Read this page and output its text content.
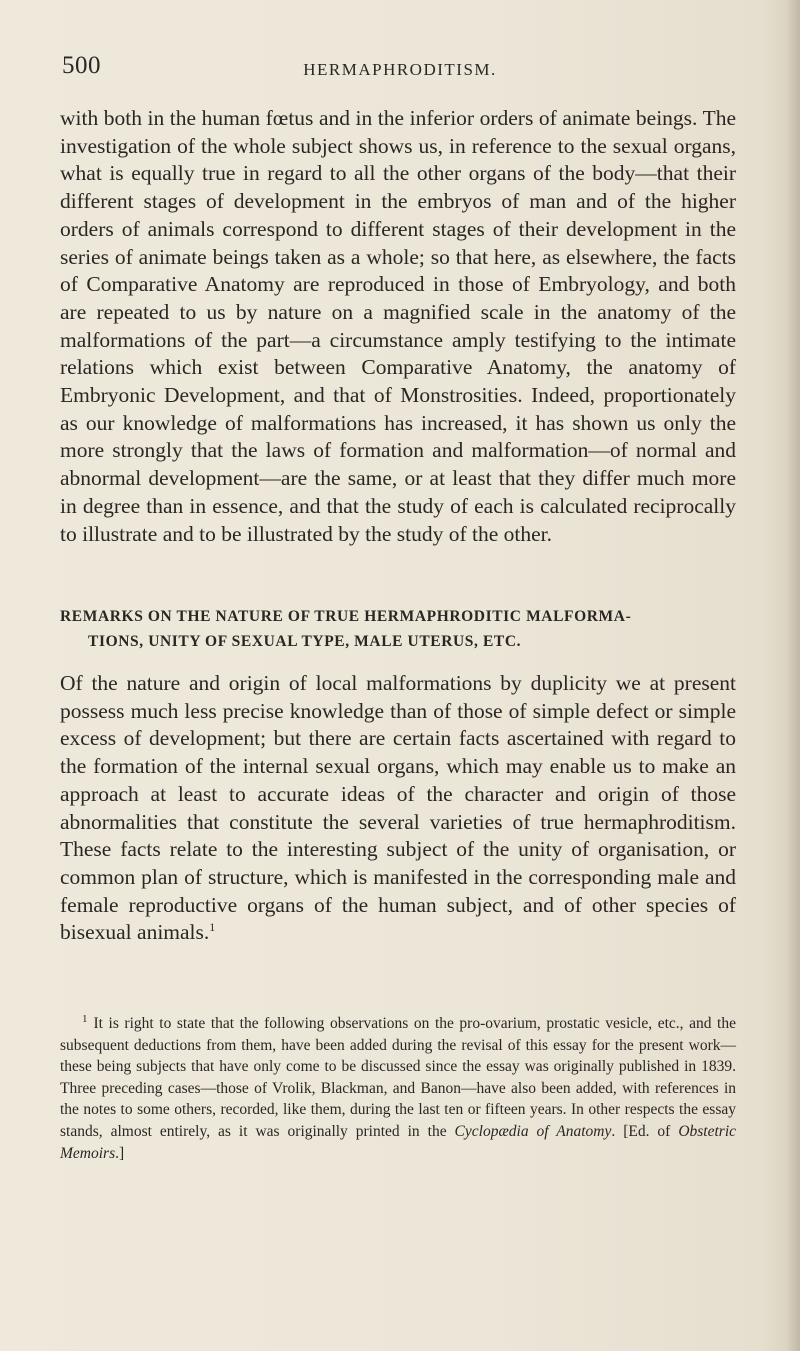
500	HERMAPHRODITISM.

with both in the human fœtus and in the inferior orders of animate beings. The investigation of the whole subject shows us, in reference to the sexual organs, what is equally true in regard to all the other organs of the body—that their different stages of development in the embryos of man and of the higher orders of animals correspond to different stages of their development in the series of animate beings taken as a whole; so that here, as elsewhere, the facts of Comparative Anatomy are reproduced in those of Embryology, and both are repeated to us by nature on a magnified scale in the anatomy of the malformations of the part—a circumstance amply testifying to the intimate relations which exist between Comparative Anatomy, the anatomy of Embryonic Development, and that of Monstrosities. Indeed, proportionately as our knowledge of malformations has increased, it has shown us only the more strongly that the laws of formation and malformation—of normal and abnormal development—are the same, or at least that they differ much more in degree than in essence, and that the study of each is calculated reciprocally to illustrate and to be illustrated by the study of the other.

REMARKS ON THE NATURE OF TRUE HERMAPHRODITIC MALFORMA-
TIONS, UNITY OF SEXUAL TYPE, MALE UTERUS, ETC.

Of the nature and origin of local malformations by duplicity we at present possess much less precise knowledge than of those of simple defect or simple excess of development; but there are certain facts ascertained with regard to the formation of the internal sexual organs, which may enable us to make an approach at least to accurate ideas of the character and origin of those abnormalities that constitute the several varieties of true hermaphroditism. These facts relate to the interesting subject of the unity of organisation, or common plan of structure, which is manifested in the corresponding male and female reproductive organs of the human subject, and of other species of bisexual animals.$^1$

$^1$ It is right to state that the following observations on the pro-ovarium, prostatic vesicle, etc., and the subsequent deductions from them, have been added during the revisal of this essay for the present work—these being subjects that have only come to be discussed since the essay was originally published in 1839. Three preceding cases—those of Vrolik, Blackman, and Banon—have also been added, with references in the notes to some others, recorded, like them, during the last ten or fifteen years. In other respects the essay stands, almost entirely, as it was originally printed in the Cyclopædia of Anatomy. [Ed. of Obstetric Memoirs.]
